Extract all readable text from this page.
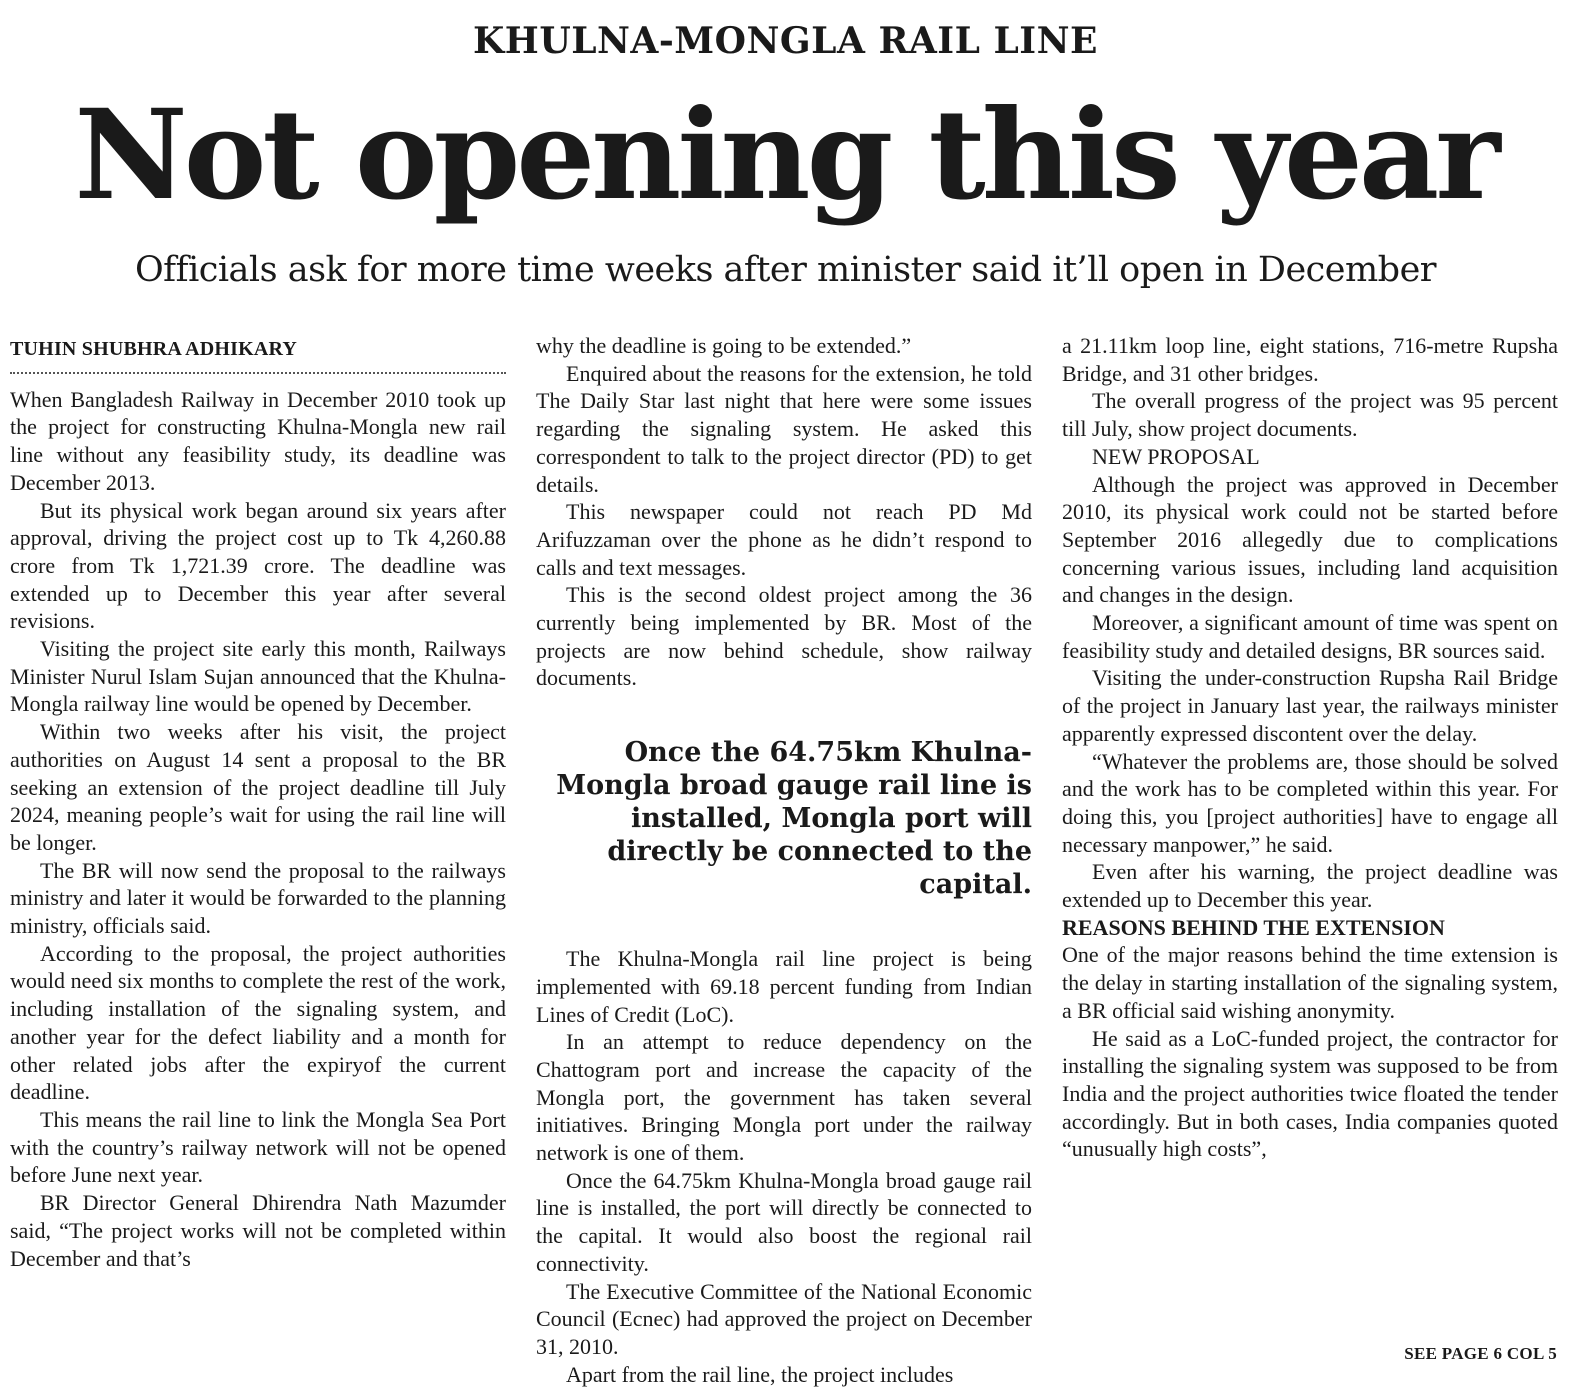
KHULNA-MONGLA RAIL LINE
Not opening this year
Officials ask for more time weeks after minister said it’ll open in December
TUHIN SHUBHRA ADHIKARY

When Bangladesh Railway in December 2010 took up the project for constructing Khulna-Mongla new rail line without any feasibility study, its deadline was December 2013.

But its physical work began around six years after approval, driving the project cost up to Tk 4,260.88 crore from Tk 1,721.39 crore. The deadline was extended up to December this year after several revisions.

Visiting the project site early this month, Railways Minister Nurul Islam Sujan announced that the Khulna-Mongla railway line would be opened by December.

Within two weeks after his visit, the project authorities on August 14 sent a proposal to the BR seeking an extension of the project deadline till July 2024, meaning people’s wait for using the rail line will be longer.

The BR will now send the proposal to the railways ministry and later it would be forwarded to the planning ministry, officials said.

According to the proposal, the project authorities would need six months to complete the rest of the work, including installation of the signaling system, and another year for the defect liability and a month for other related jobs after the expiryof the current deadline.

This means the rail line to link the Mongla Sea Port with the country’s railway network will not be opened before June next year.

BR Director General Dhirendra Nath Mazumder said, “The project works will not be completed within December and that’s

why the deadline is going to be extended.”

Enquired about the reasons for the extension, he told The Daily Star last night that here were some issues regarding the signaling system. He asked this correspondent to talk to the project director (PD) to get details.

This newspaper could not reach PD Md Arifuzzaman over the phone as he didn’t respond to calls and text messages.

This is the second oldest project among the 36 currently being implemented by BR. Most of the projects are now behind schedule, show railway documents.

Once the 64.75km Khulna-Mongla broad gauge rail line is installed, Mongla port will directly be connected to the capital.

The Khulna-Mongla rail line project is being implemented with 69.18 percent funding from Indian Lines of Credit (LoC).

In an attempt to reduce dependency on the Chattogram port and increase the capacity of the Mongla port, the government has taken several initiatives. Bringing Mongla port under the railway network is one of them.

Once the 64.75km Khulna-Mongla broad gauge rail line is installed, the port will directly be connected to the capital. It would also boost the regional rail connectivity.

The Executive Committee of the National Economic Council (Ecnec) had approved the project on December 31, 2010.

Apart from the rail line, the project includes

a 21.11km loop line, eight stations, 716-metre Rupsha Bridge, and 31 other bridges.

The overall progress of the project was 95 percent till July, show project documents.

NEW PROPOSAL

Although the project was approved in December 2010, its physical work could not be started before September 2016 allegedly due to complications concerning various issues, including land acquisition and changes in the design.

Moreover, a significant amount of time was spent on feasibility study and detailed designs, BR sources said.

Visiting the under-construction Rupsha Rail Bridge of the project in January last year, the railways minister apparently expressed discontent over the delay.

“Whatever the problems are, those should be solved and the work has to be completed within this year. For doing this, you [project authorities] have to engage all necessary manpower,” he said.

Even after his warning, the project deadline was extended up to December this year.

REASONS BEHIND THE EXTENSION

One of the major reasons behind the time extension is the delay in starting installation of the signaling system, a BR official said wishing anonymity.

He said as a LoC-funded project, the contractor for installing the signaling system was supposed to be from India and the project authorities twice floated the tender accordingly. But in both cases, India companies quoted “unusually high costs”,

SEE PAGE 6 COL 5
